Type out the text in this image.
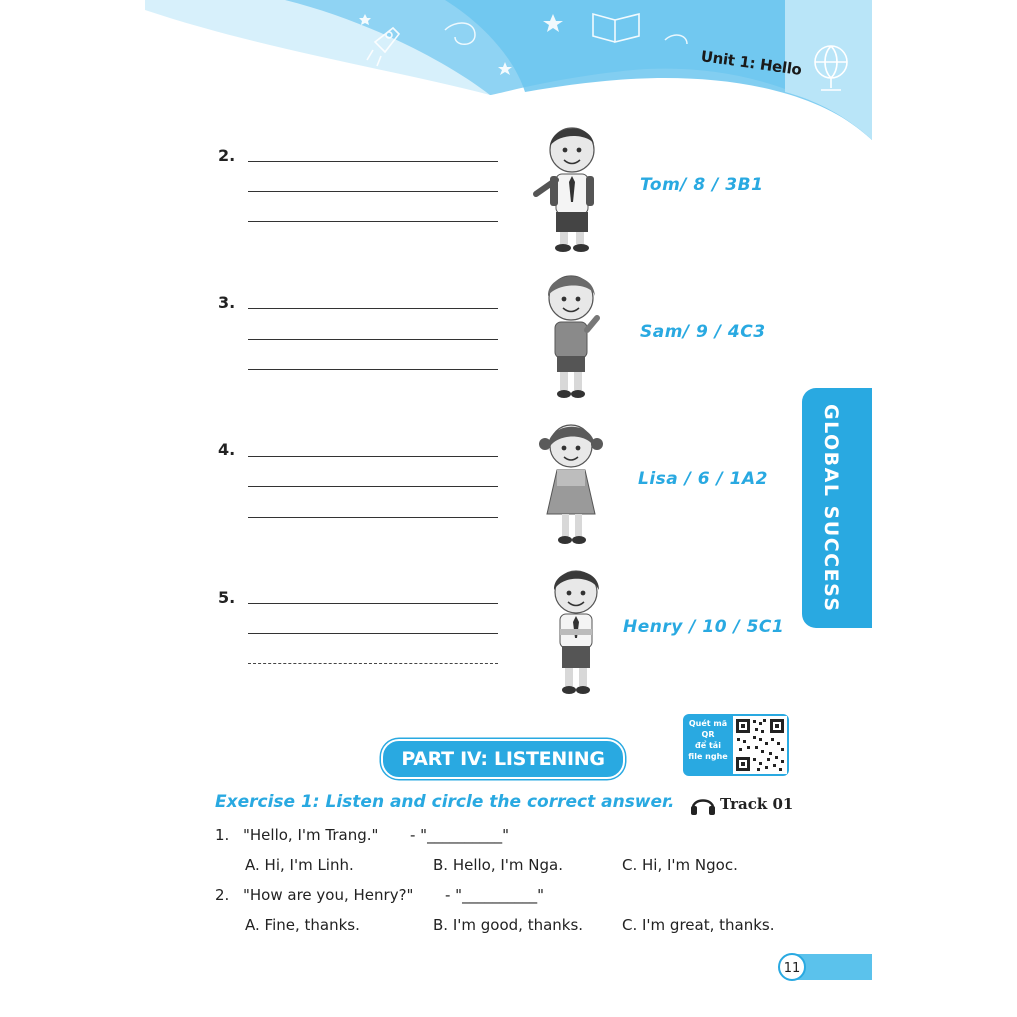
Unit 1: Hello
2.
Tom/ 8 / 3B1
3.
Sam/ 9 / 4C3
4.
Lisa / 6 / 1A2
5.
Henry / 10 / 5C1
GLOBAL SUCCESS
PART IV: LISTENING
Quét mã
QR
để tải
file nghe
Exercise 1: Listen and circle the correct answer.	Track 01
1. "Hello, I'm Trang." - "__________"
A. Hi, I'm Linh.	B. Hello, I'm Nga.	C. Hi, I'm Ngoc.
2. "How are you, Henry?" - "__________"
A. Fine, thanks.	B. I'm good, thanks.	C. I'm great, thanks.
11
